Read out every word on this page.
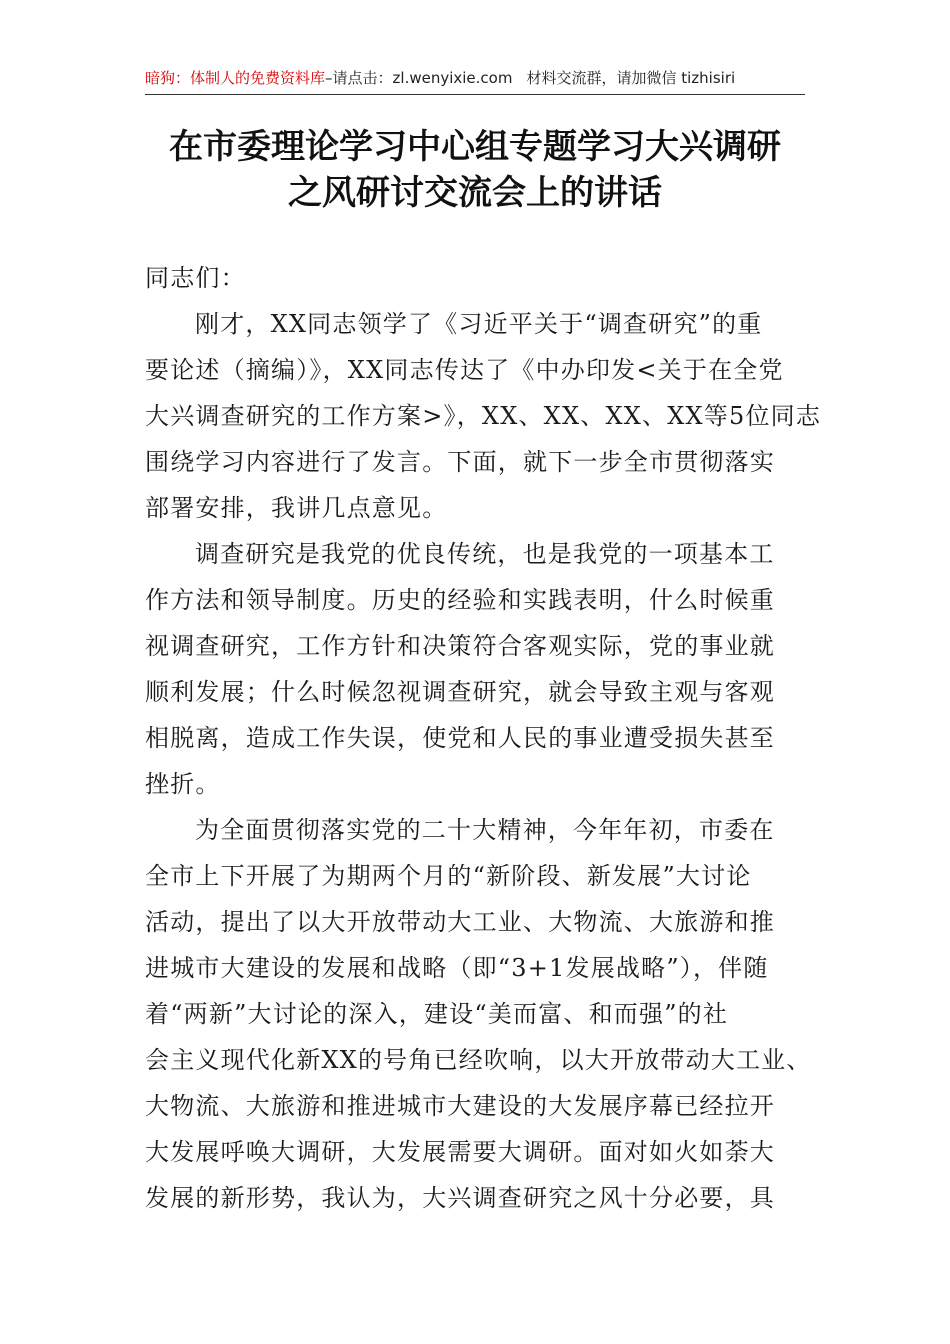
暗狗：体制人的免费资料库–请点击：zl.wenyixie.com 材料交流群，请加微信 tizhisiri
在市委理论学习中心组专题学习大兴调研
之风研讨交流会上的讲话
同志们：
刚才，XX同志领学了《习近平关于“调查研究”的重
要论述（摘编）》，XX同志传达了《中办印发<关于在全党
大兴调查研究的工作方案>》，XX、XX、XX、XX等5位同志
围绕学习内容进行了发言。下面，就下一步全市贯彻落实
部署安排，我讲几点意见。
调查研究是我党的优良传统，也是我党的一项基本工
作方法和领导制度。历史的经验和实践表明，什么时候重
视调查研究，工作方针和决策符合客观实际，党的事业就
顺利发展；什么时候忽视调查研究，就会导致主观与客观
相脱离，造成工作失误，使党和人民的事业遭受损失甚至
挫折。
为全面贯彻落实党的二十大精神，今年年初，市委在
全市上下开展了为期两个月的“新阶段、新发展”大讨论
活动，提出了以大开放带动大工业、大物流、大旅游和推
进城市大建设的发展和战略（即“3+1发展战略”），伴随
着“两新”大讨论的深入，建设“美而富、和而强”的社
会主义现代化新XX的号角已经吹响，以大开放带动大工业、
大物流、大旅游和推进城市大建设的大发展序幕已经拉开
大发展呼唤大调研，大发展需要大调研。面对如火如荼大
发展的新形势，我认为，大兴调查研究之风十分必要，具
